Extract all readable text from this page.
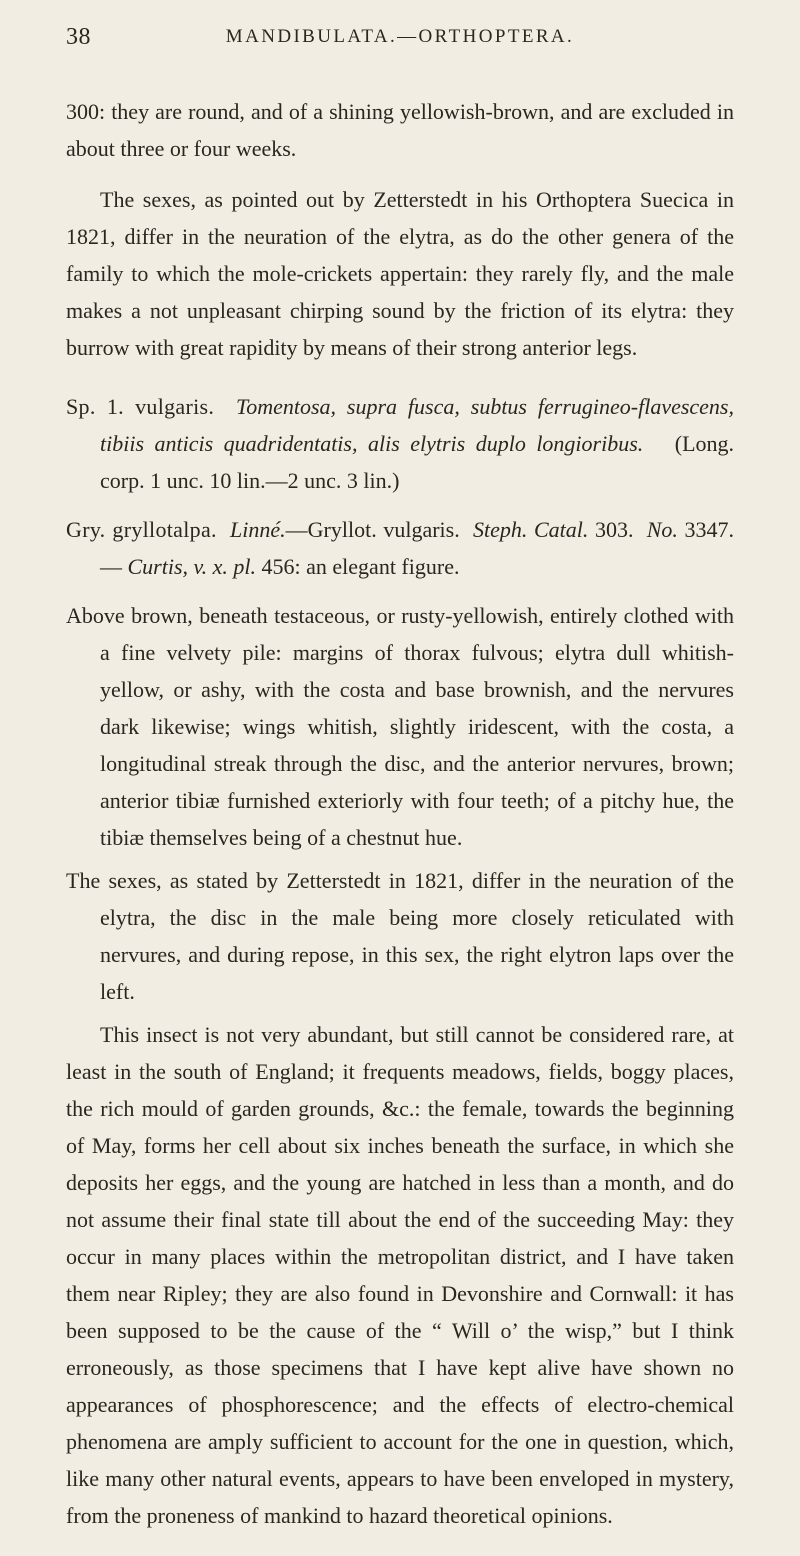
38	MANDIBULATA.—ORTHOPTERA.

300: they are round, and of a shining yellowish-brown, and are excluded in about three or four weeks.

The sexes, as pointed out by Zetterstedt in his Orthoptera Suecica in 1821, differ in the neuration of the elytra, as do the other genera of the family to which the mole-crickets appertain: they rarely fly, and the male makes a not unpleasant chirping sound by the friction of its elytra: they burrow with great rapidity by means of their strong anterior legs.

Sp. 1. vulgaris. Tomentosa, supra fusca, subtus ferrugineo-flavescens, tibiis anticis quadridentatis, alis elytris duplo longioribus. (Long. corp. 1 unc. 10 lin.—2 unc. 3 lin.)

Gry. gryllotalpa. Linné.—Gryllot. vulgaris. Steph. Catal. 303. No. 3347.— Curtis, v. x. pl. 456: an elegant figure.

Above brown, beneath testaceous, or rusty-yellowish, entirely clothed with a fine velvety pile: margins of thorax fulvous; elytra dull whitish-yellow, or ashy, with the costa and base brownish, and the nervures dark likewise; wings whitish, slightly iridescent, with the costa, a longitudinal streak through the disc, and the anterior nervures, brown; anterior tibiæ furnished exteriorly with four teeth; of a pitchy hue, the tibiæ themselves being of a chestnut hue.

The sexes, as stated by Zetterstedt in 1821, differ in the neuration of the elytra, the disc in the male being more closely reticulated with nervures, and during repose, in this sex, the right elytron laps over the left.

This insect is not very abundant, but still cannot be considered rare, at least in the south of England; it frequents meadows, fields, boggy places, the rich mould of garden grounds, &c.: the female, towards the beginning of May, forms her cell about six inches beneath the surface, in which she deposits her eggs, and the young are hatched in less than a month, and do not assume their final state till about the end of the succeeding May: they occur in many places within the metropolitan district, and I have taken them near Ripley; they are also found in Devonshire and Cornwall: it has been supposed to be the cause of the “ Will o’ the wisp,” but I think erroneously, as those specimens that I have kept alive have shown no appearances of phosphorescence; and the effects of electro-chemical phenomena are amply sufficient to account for the one in question, which, like many other natural events, appears to have been enveloped in mystery, from the proneness of mankind to hazard theoretical opinions.
